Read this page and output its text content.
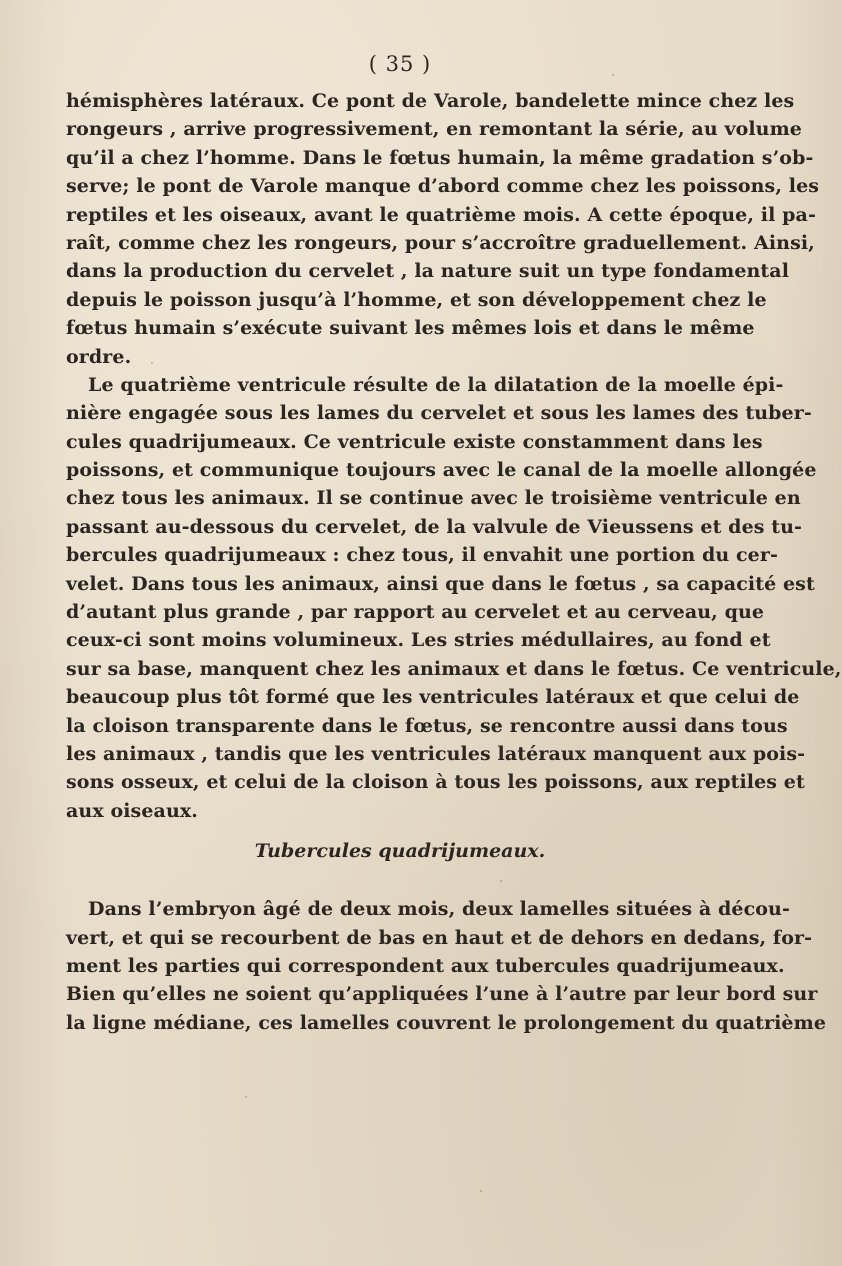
( 35 )
hémisphères latéraux. Ce pont de Varole, bandelette mince chez les
rongeurs , arrive progressivement, en remontant la série, au volume
qu’il a chez l’homme. Dans le fœtus humain, la même gradation s’ob-
serve; le pont de Varole manque d’abord comme chez les poissons, les
reptiles et les oiseaux, avant le quatrième mois. A cette époque, il pa-
raît, comme chez les rongeurs, pour s’accroître graduellement. Ainsi,
dans la production du cervelet , la nature suit un type fondamental
depuis le poisson jusqu’à l’homme, et son développement chez le
fœtus humain s’exécute suivant les mêmes lois et dans le même
ordre.
Le quatrième ventricule résulte de la dilatation de la moelle épi-
nière engagée sous les lames du cervelet et sous les lames des tuber-
cules quadrijumeaux. Ce ventricule existe constamment dans les
poissons, et communique toujours avec le canal de la moelle allongée
chez tous les animaux. Il se continue avec le troisième ventricule en
passant au-dessous du cervelet, de la valvule de Vieussens et des tu-
bercules quadrijumeaux : chez tous, il envahit une portion du cer-
velet. Dans tous les animaux, ainsi que dans le fœtus , sa capacité est
d’autant plus grande , par rapport au cervelet et au cerveau, que
ceux-ci sont moins volumineux. Les stries médullaires, au fond et
sur sa base, manquent chez les animaux et dans le fœtus. Ce ventricule,
beaucoup plus tôt formé que les ventricules latéraux et que celui de
la cloison transparente dans le fœtus, se rencontre aussi dans tous
les animaux , tandis que les ventricules latéraux manquent aux pois-
sons osseux, et celui de la cloison à tous les poissons, aux reptiles et
aux oiseaux.
Tubercules quadrijumeaux.
Dans l’embryon âgé de deux mois, deux lamelles situées à décou-
vert, et qui se recourbent de bas en haut et de dehors en dedans, for-
ment les parties qui correspondent aux tubercules quadrijumeaux.
Bien qu’elles ne soient qu’appliquées l’une à l’autre par leur bord sur
la ligne médiane, ces lamelles couvrent le prolongement du quatrième
